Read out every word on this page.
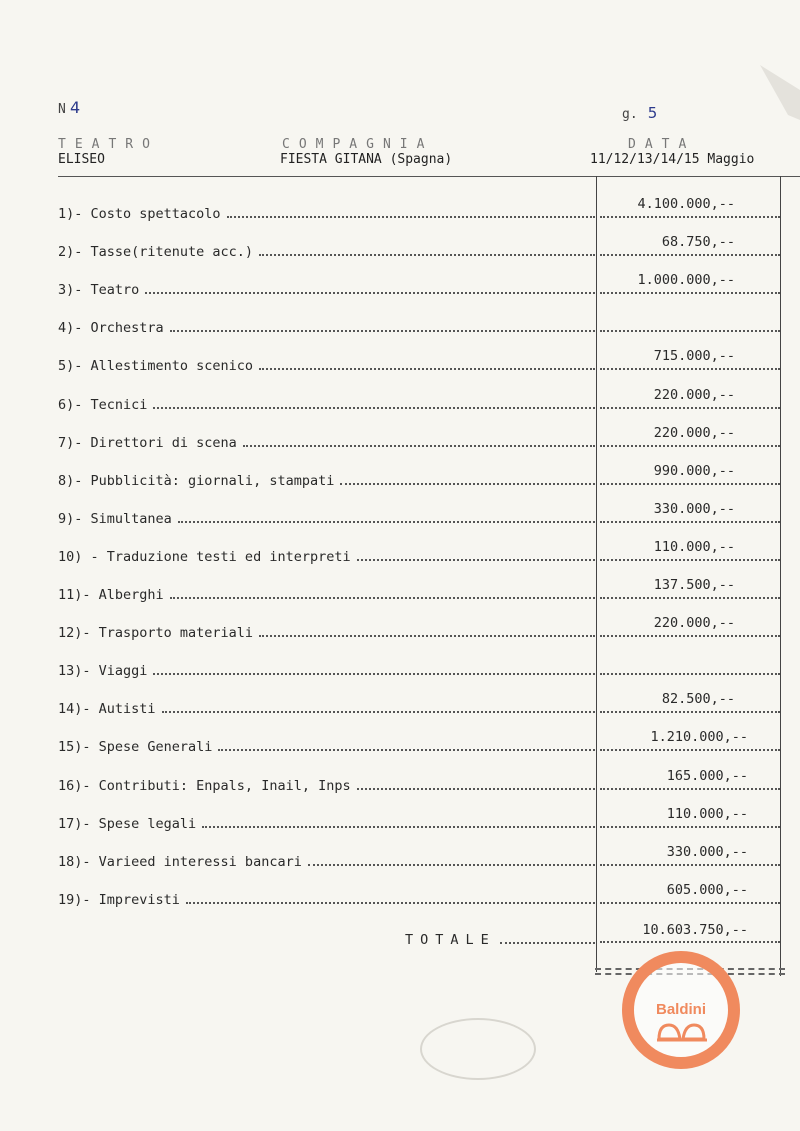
N 4	g. 5
TEATRO
ELISEO
COMPAGNIA
FIESTA GITANA (Spagna)
DATA
11/12/13/14/15 Maggio
1)- Costo spettacolo
4.100.000,--
2)- Tasse(ritenute acc.)
68.750,--
3)- Teatro
1.000.000,--
4)- Orchestra
5)- Allestimento scenico
715.000,--
6)- Tecnici
220.000,--
7)- Direttori di scena
220.000,--
8)- Pubblicità: giornali, stampati
990.000,--
9)- Simultanea
330.000,--
10) - Traduzione testi ed interpreti
110.000,--
11)- Alberghi
137.500,--
12)- Trasporto materiali
220.000,--
13)- Viaggi
14)- Autisti
82.500,--
15)- Spese Generali
1.210.000,--
16)- Contributi: Enpals, Inail, Inps
165.000,--
17)- Spese legali
110.000,--
18)- Varieed interessi bancari
330.000,--
19)- Imprevisti
605.000,--
TOTALE
10.603.750,--
Baldini
